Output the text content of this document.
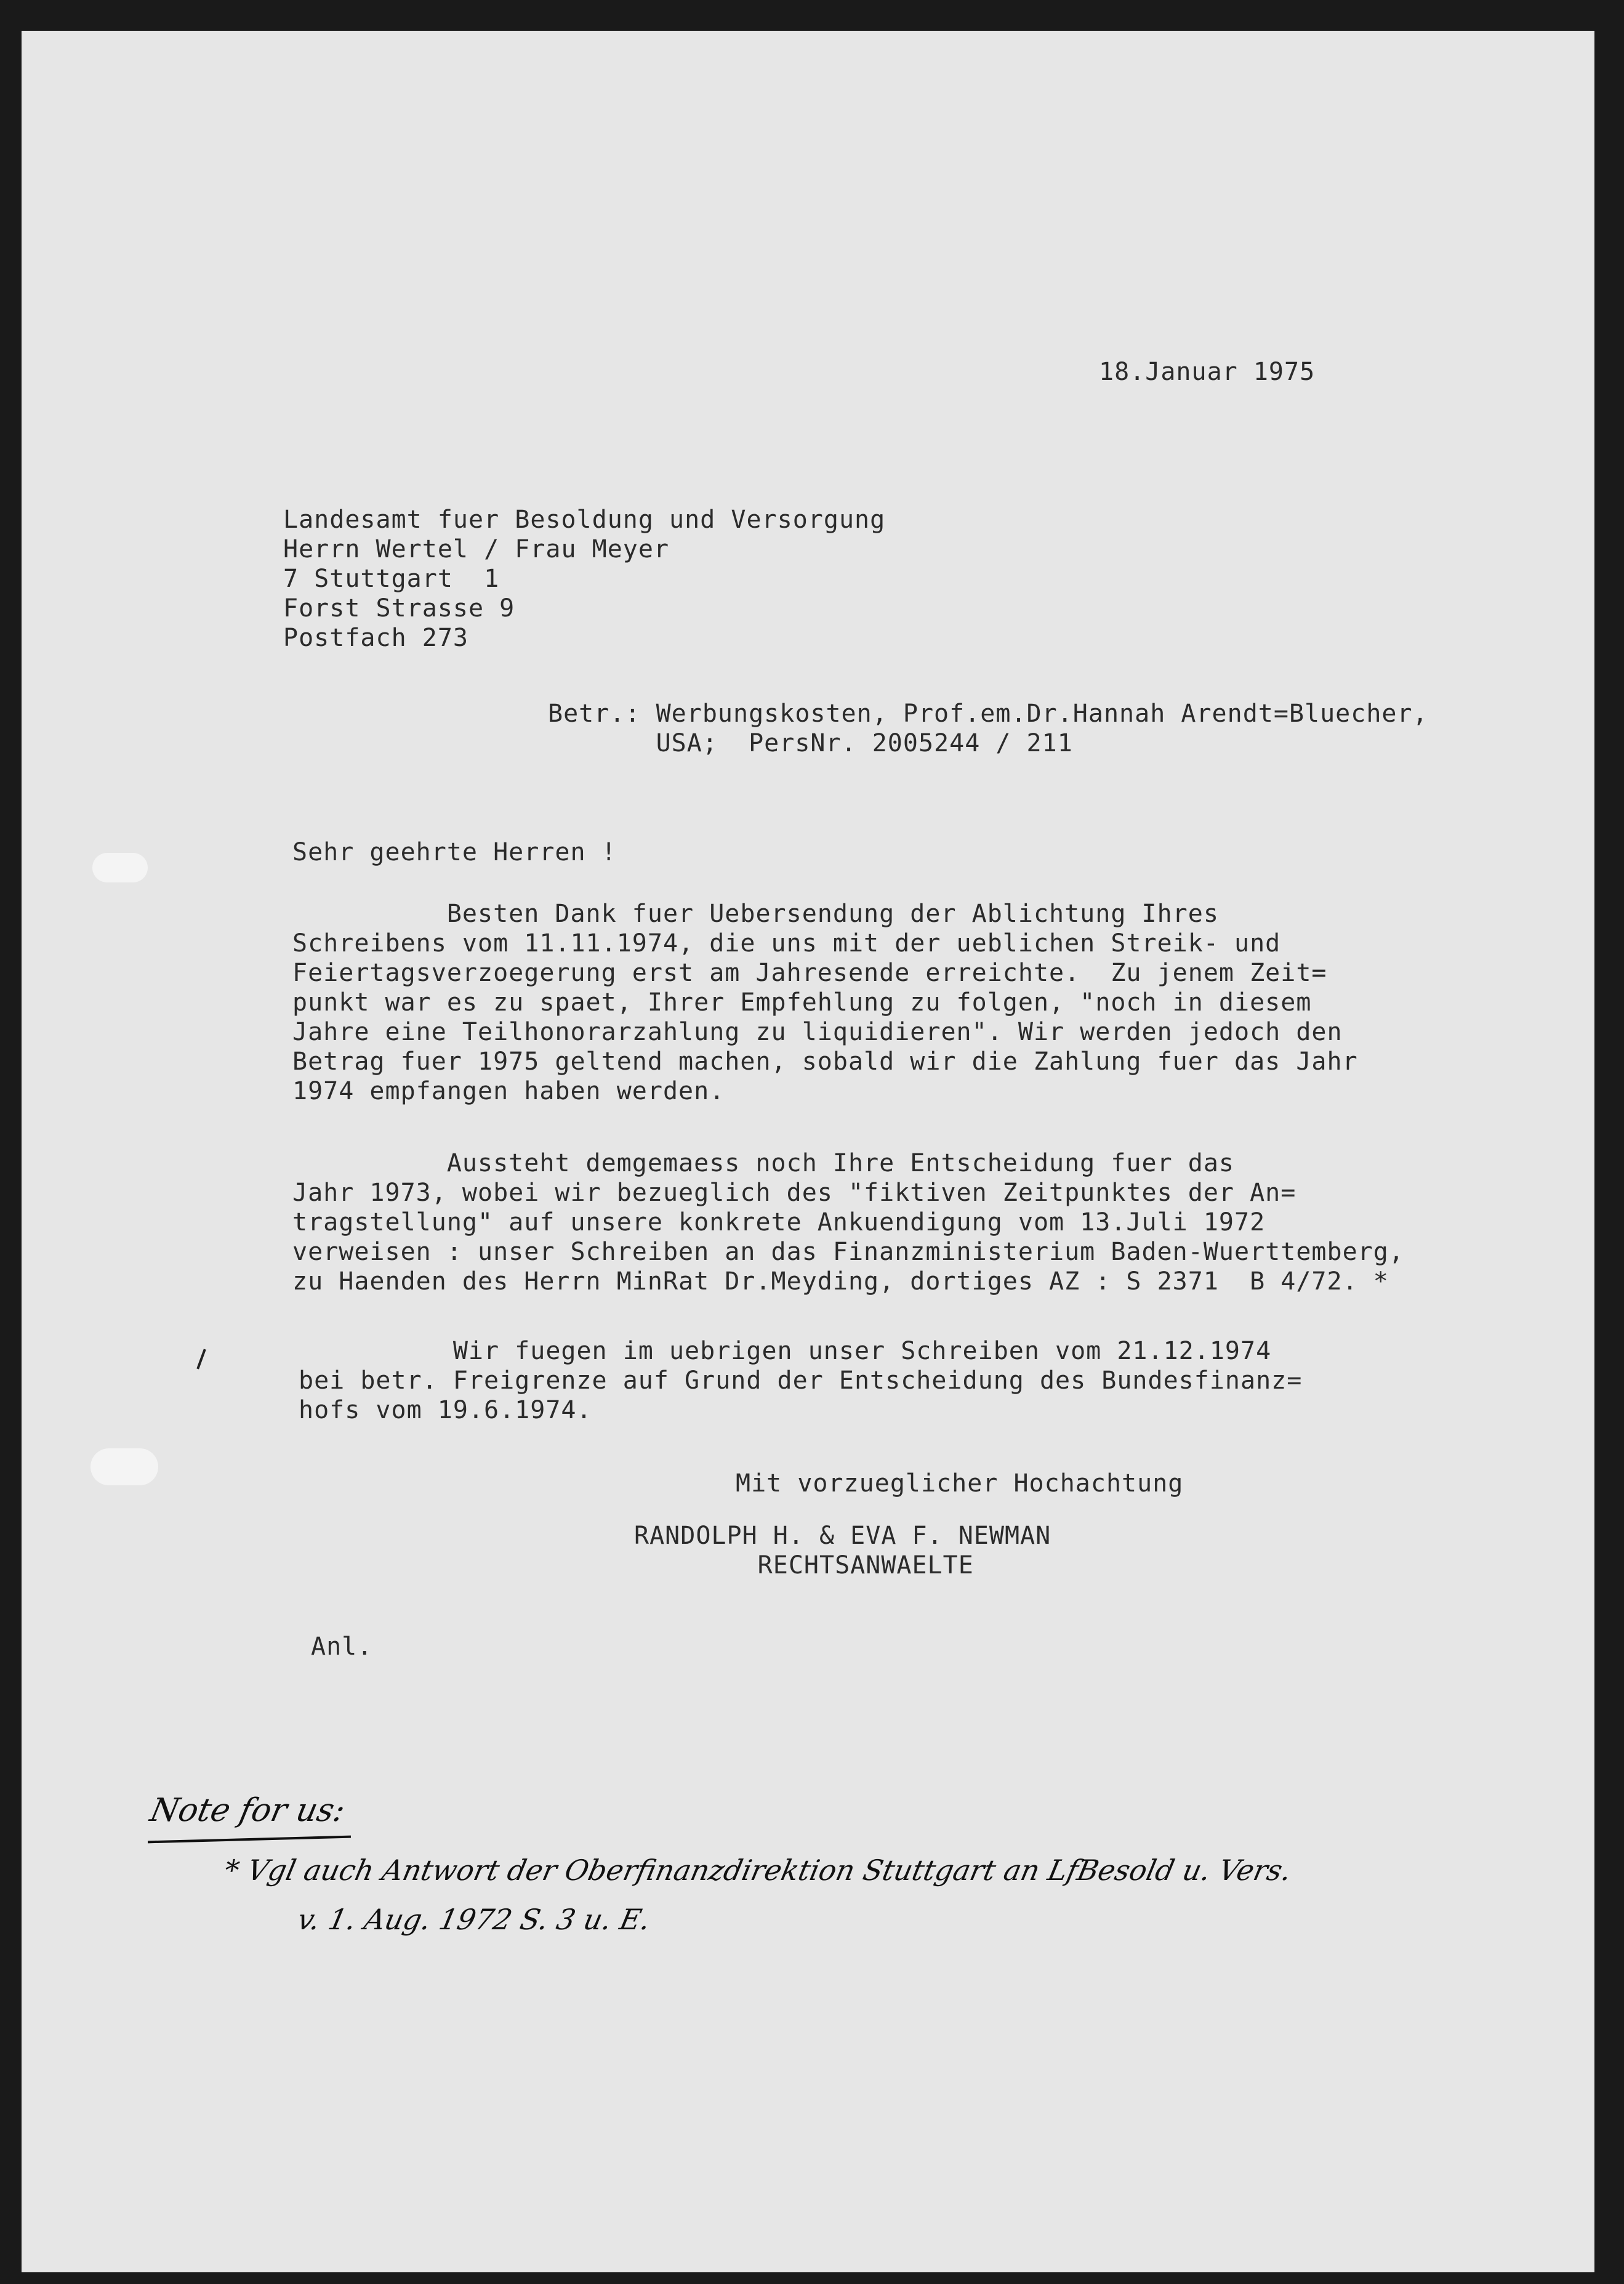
18.Januar 1975
Landesamt fuer Besoldung und Versorgung
Herrn Wertel / Frau Meyer
7 Stuttgart  1
Forst Strasse 9
Postfach 273
Betr.: Werbungskosten, Prof.em.Dr.Hannah Arendt=Bluecher,
USA;  PersNr. 2005244 / 211
Sehr geehrte Herren !
Besten Dank fuer Uebersendung der Ablichtung Ihres
Schreibens vom 11.11.1974, die uns mit der ueblichen Streik- und
Feiertagsverzoegerung erst am Jahresende erreichte.  Zu jenem Zeit=
punkt war es zu spaet, Ihrer Empfehlung zu folgen, "noch in diesem
Jahre eine Teilhonorarzahlung zu liquidieren". Wir werden jedoch den
Betrag fuer 1975 geltend machen, sobald wir die Zahlung fuer das Jahr
1974 empfangen haben werden.
Aussteht demgemaess noch Ihre Entscheidung fuer das
Jahr 1973, wobei wir bezueglich des "fiktiven Zeitpunktes der An=
tragstellung" auf unsere konkrete Ankuendigung vom 13.Juli 1972
verweisen : unser Schreiben an das Finanzministerium Baden-Wuerttemberg,
zu Haenden des Herrn MinRat Dr.Meyding, dortiges AZ : S 2371  B 4/72. *
Wir fuegen im uebrigen unser Schreiben vom 21.12.1974
bei betr. Freigrenze auf Grund der Entscheidung des Bundesfinanz=
hofs vom 19.6.1974.
Mit vorzueglicher Hochachtung
RANDOLPH H. & EVA F. NEWMAN
RECHTSANWAELTE
Anl.
Note for us:
* Vgl auch Antwort der Oberfinanzdirektion Stuttgart an LfBesold u. Vers.
v. 1. Aug. 1972 S. 3 u. E.
